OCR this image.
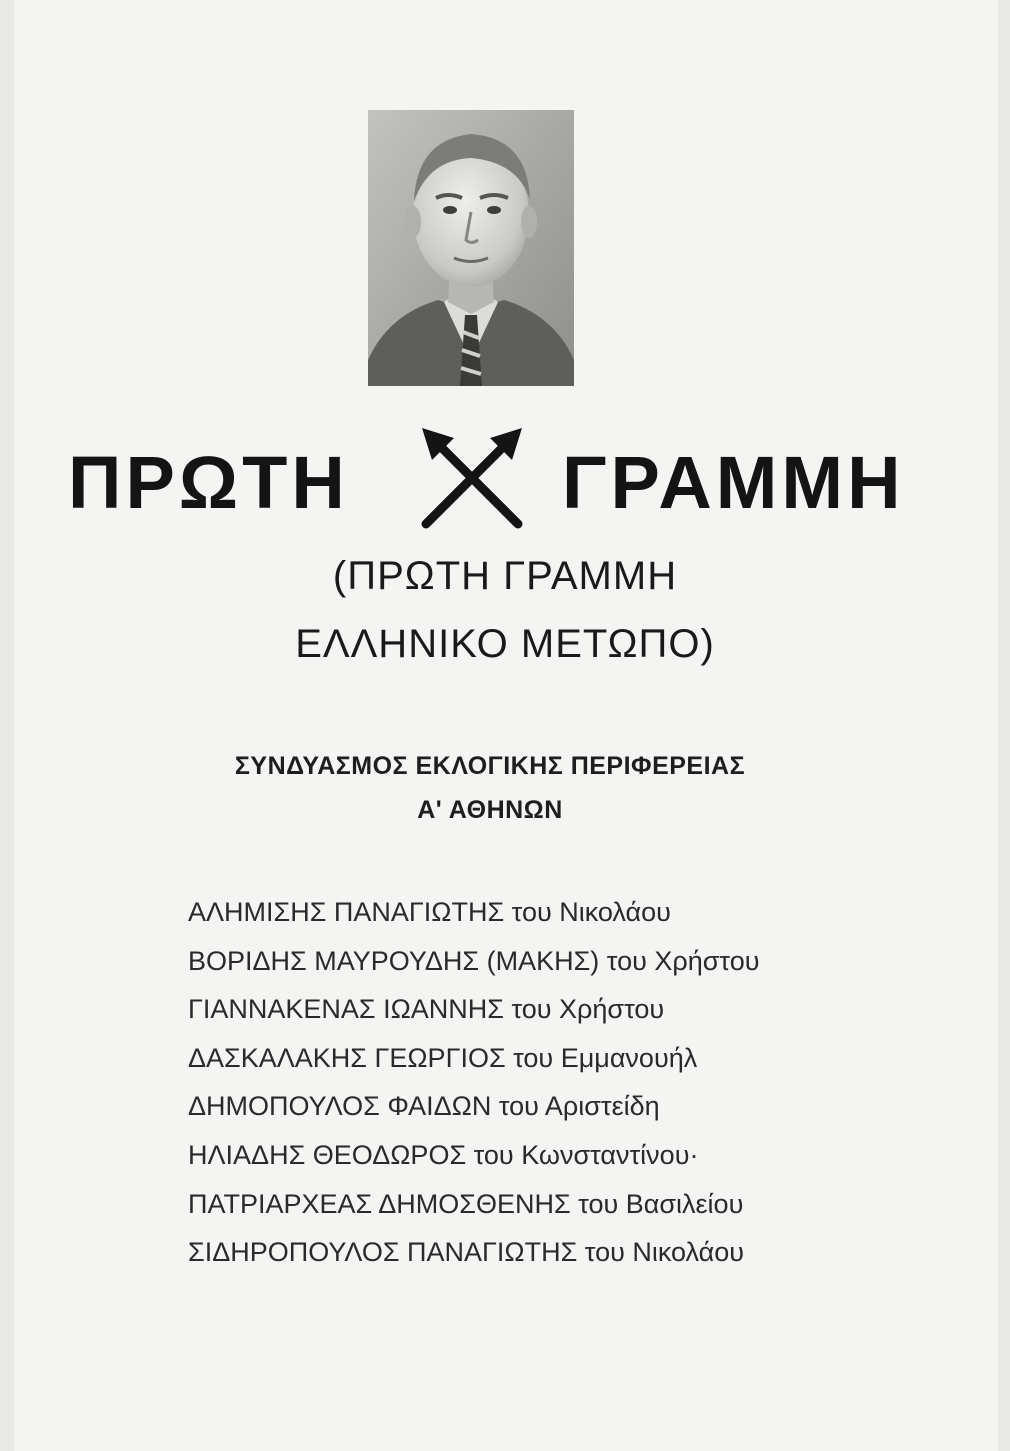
ΠΡΩΤΗ	ΓΡΑΜΜΗ
(ΠΡΩΤΗ ΓΡΑΜΜΗ
ΕΛΛΗΝΙΚΟ ΜΕΤΩΠΟ)
ΣΥΝΔΥΑΣΜΟΣ ΕΚΛΟΓΙΚΗΣ ΠΕΡΙΦΕΡΕΙΑΣ
Α' ΑΘΗΝΩΝ
ΑΛΗΜΙΣΗΣ ΠΑΝΑΓΙΩΤΗΣ του Νικολάου
ΒΟΡΙΔΗΣ ΜΑΥΡΟΥΔΗΣ (ΜΑΚΗΣ) του Χρήστου
ΓΙΑΝΝΑΚΕΝΑΣ ΙΩΑΝΝΗΣ του Χρήστου
ΔΑΣΚΑΛΑΚΗΣ ΓΕΩΡΓΙΟΣ του Εμμανουήλ
ΔΗΜΟΠΟΥΛΟΣ ΦΑΙΔΩΝ του Αριστείδη
ΗΛΙΑΔΗΣ ΘΕΟΔΩΡΟΣ του Κωνσταντίνου·
ΠΑΤΡΙΑΡΧΕΑΣ ΔΗΜΟΣΘΕΝΗΣ του Βασιλείου
ΣΙΔΗΡΟΠΟΥΛΟΣ ΠΑΝΑΓΙΩΤΗΣ του Νικολάου
